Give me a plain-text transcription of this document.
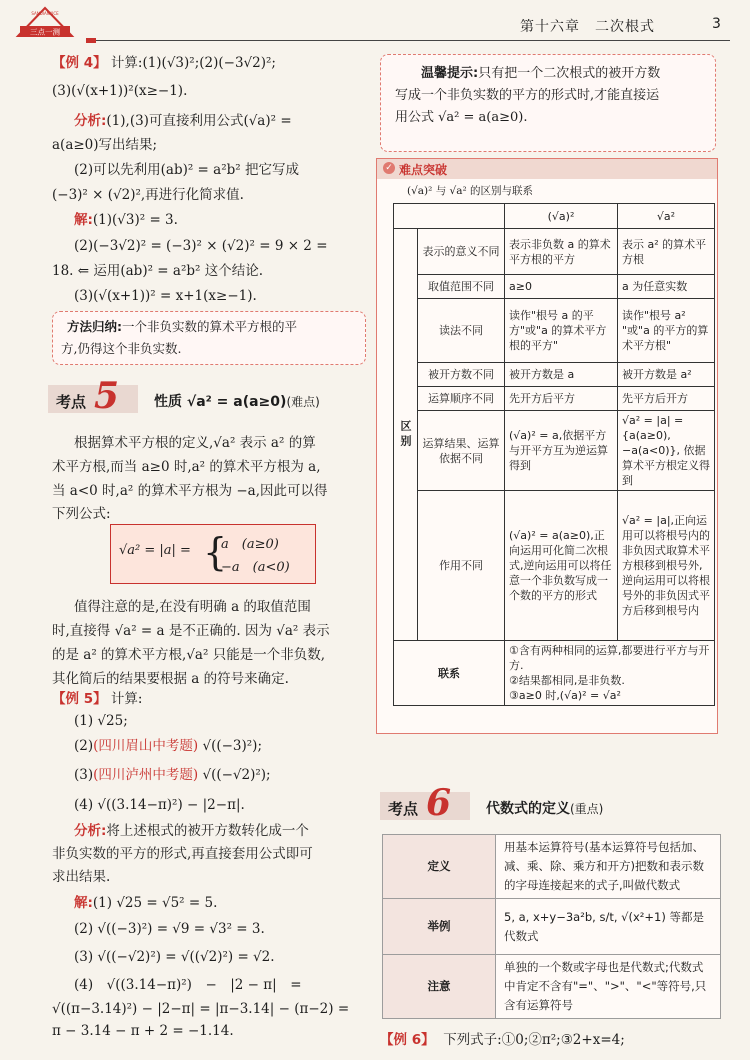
三点一测
SANDIANYICE
第十六章　二次根式	3
【例 4】 计算:(1)(√3)²;(2)(−3√2)²;
(3)(√(x+1))²(x≥−1).
分析:(1),(3)可直接利用公式(√a)² =
a(a≥0)写出结果;
(2)可以先利用(ab)² = a²b² 把它写成
(−3)² × (√2)²,再进行化简求值.
解:(1)(√3)² = 3.
(2)(−3√2)² = (−3)² × (√2)² = 9 × 2 =
18. ⇐ 运用(ab)² = a²b² 这个结论.
(3)(√(x+1))² = x+1(x≥−1).
方法归纳:一个非负实数的算术平方根的平
方,仍得这个非负实数.
考点 5 性质 √a² = a(a≥0)(难点)
根据算术平方根的定义,√a² 表示 a² 的算
术平方根,而当 a≥0 时,a² 的算术平方根为 a,
当 a<0 时,a² 的算术平方根为 −a,因此可以得
下列公式:
√a² = |a| = {
a　(a≥0)
−a　(a<0)
值得注意的是,在没有明确 a 的取值范围
时,直接得 √a² = a 是不正确的. 因为 √a² 表示
的是 a² 的算术平方根,√a² 只能是一个非负数,
其化简后的结果要根据 a 的符号来确定.
【例 5】 计算:
(1) √25;
(2)(四川眉山中考题) √((−3)²);
(3)(四川泸州中考题) √((−√2)²);
(4) √((3.14−π)²) − |2−π|.
分析:将上述根式的被开方数转化成一个
非负实数的平方的形式,再直接套用公式即可
求出结果.
解:(1) √25 = √5² = 5.
(2) √((−3)²) = √9 = √3² = 3.
(3) √((−√2)²) = √((√2)²) = √2.
(4)　√((3.14−π)²)　−　|2 − π|　=
√((π−3.14)²) − |2−π| = |π−3.14| − (π−2) =
π − 3.14 − π + 2 = −1.14.
温馨提示:只有把一个二次根式的被开方数
写成一个非负实数的平方的形式时,才能直接运
用公式 √a² = a(a≥0).
✓ 难点突破
(√a)² 与 √a² 的区别与联系
		(√a)²	√a²
区别	表示的意义不同	表示非负数 a 的算术平方根的平方	表示 a² 的算术平方根
	取值范围不同	a≥0	a 为任意实数
	读法不同	读作"根号 a 的平方"或"a 的算术平方根的平方"	读作"根号 a² "或"a 的平方的算术平方根"
	被开方数不同	被开方数是 a	被开方数是 a²
	运算顺序不同	先开方后平方	先平方后开方
	运算结果、运算依据不同	(√a)² = a,依据平方与开平方互为逆运算得到	√a² = |a| = {a(a≥0), −a(a<0)}, 依据算术平方根定义得到
	作用不同	(√a)² = a(a≥0),正向运用可化简二次根式,逆向运用可以将任意一个非负数写成一个数的平方的形式	√a² = |a|,正向运用可以将根号内的非负因式取算术平方根移到根号外,逆向运用可以将根号外的非负因式平方后移到根号内
联系		①含有两种相同的运算,都要进行平方与开方.
②结果都相同,是非负数.
③a≥0 时,(√a)² = √a²	
考点 6 代数式的定义(重点)
定义	用基本运算符号(基本运算符号包括加、减、乘、除、乘方和开方)把数和表示数的字母连接起来的式子,叫做代数式
举例	5, a, x+y−3a²b, s/t, √(x²+1) 等都是代数式
注意	单独的一个数或字母也是代数式;代数式中肯定不含有"="、">"、"<"等符号,只含有运算符号
【例 6】 下列式子:①0;②π²;③2+x=4;
